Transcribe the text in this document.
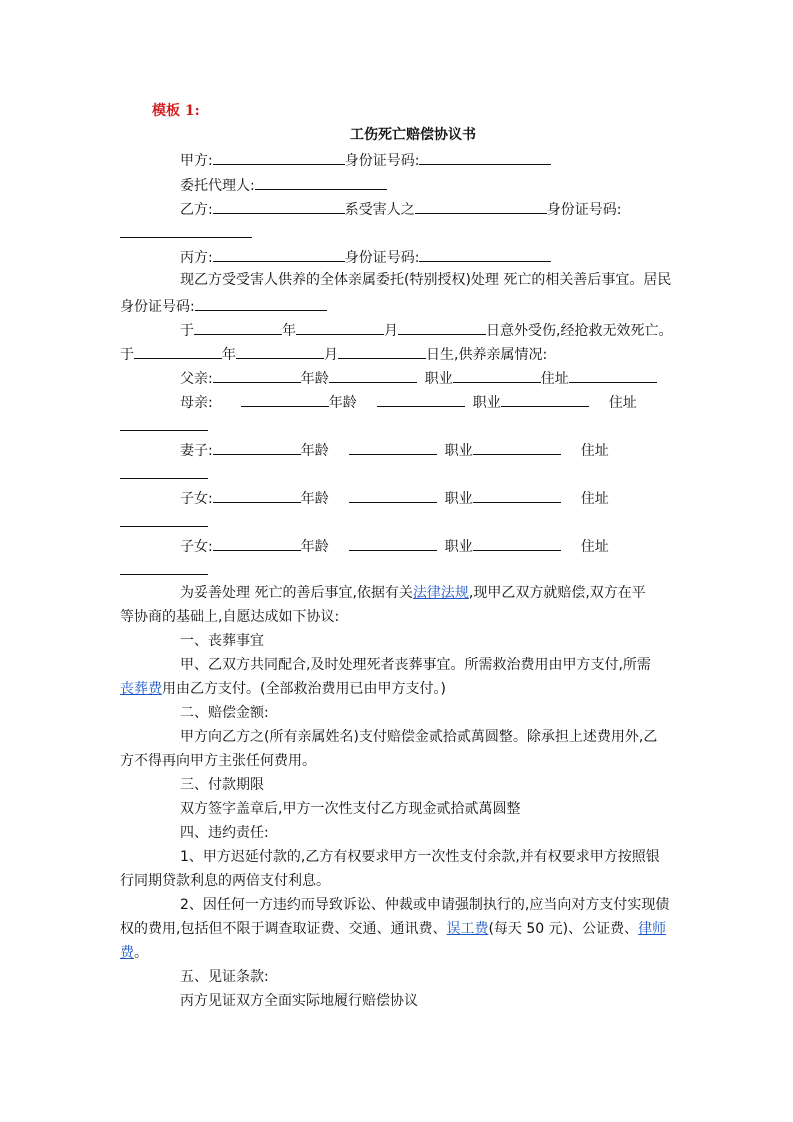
模板 1:
工伤死亡赔偿协议书
甲方:	身份证号码:
委托代理人:
乙方:	系受害人之	身份证号码:
丙方:	身份证号码:
现乙方受受害人供养的全体亲属委托(特别授权)处理 死亡的相关善后事宜。居民
身份证号码:
于	年	月	日意外受伤,经抢救无效死亡。
于	年	月	日生,供养亲属情况:
父亲:	年龄	职业	住址
母亲:	年龄	职业	住址
妻子:	年龄	职业	住址
子女:	年龄	职业	住址
子女:	年龄	职业	住址
为妥善处理 死亡的善后事宜,依据有关法律法规,现甲乙双方就赔偿,双方在平
等协商的基础上,自愿达成如下协议:
一、丧葬事宜
甲、乙双方共同配合,及时处理死者丧葬事宜。所需救治费用由甲方支付,所需
丧葬费用由乙方支付。(全部救治费用已由甲方支付。)
二、赔偿金额:
甲方向乙方之(所有亲属姓名)支付赔偿金贰拾贰萬圆整。除承担上述费用外,乙
方不得再向甲方主张任何费用。
三、付款期限
双方签字盖章后,甲方一次性支付乙方现金贰拾贰萬圆整
四、违约责任:
1、甲方迟延付款的,乙方有权要求甲方一次性支付余款,并有权要求甲方按照银
行同期贷款利息的两倍支付利息。
2、因任何一方违约而导致诉讼、仲裁或申请强制执行的,应当向对方支付实现债
权的费用,包括但不限于调查取证费、交通、通讯费、误工费(每天 50 元)、公证费、律师
费。
五、见证条款:
丙方见证双方全面实际地履行赔偿协议
